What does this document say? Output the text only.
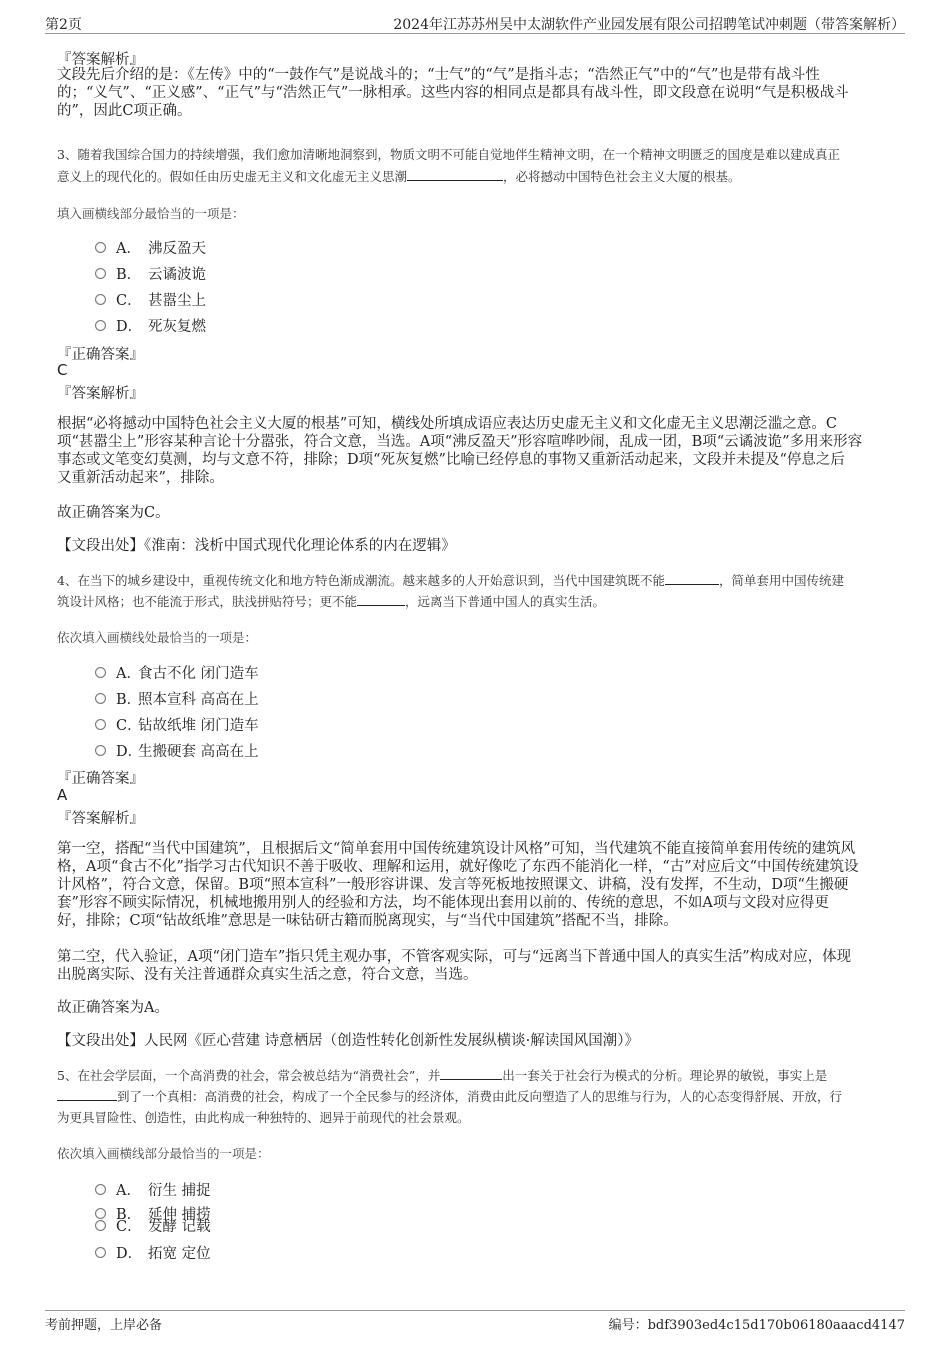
第2页	2024年江苏苏州吴中太湖软件产业园发展有限公司招聘笔试冲刺题（带答案解析）
『答案解析』
文段先后介绍的是：《左传》中的“一鼓作气”是说战斗的；“士气”的“气”是指斗志；“浩然正气”中的“气”也是带有战斗性
的；“义气”、“正义感”、“正气”与“浩然正气”一脉相承。这些内容的相同点是都具有战斗性，即文段意在说明“气是积极战斗
的”，因此C项正确。
3、随着我国综合国力的持续增强，我们愈加清晰地洞察到，物质文明不可能自觉地伴生精神文明，在一个精神文明匮乏的国度是难以建成真正
意义上的现代化的。假如任由历史虚无主义和文化虚无主义思潮	，必将撼动中国特色社会主义大厦的根基。
填入画横线部分最恰当的一项是：
A． 沸反盈天
B． 云谲波诡
C． 甚嚣尘上
D． 死灰复燃
『正确答案』
C
『答案解析』
根据“必将撼动中国特色社会主义大厦的根基”可知，横线处所填成语应表达历史虚无主义和文化虚无主义思潮泛滥之意。C
项“甚嚣尘上”形容某种言论十分嚣张，符合文意，当选。A项“沸反盈天”形容喧哗吵闹，乱成一团，B项“云谲波诡”多用来形容
事态或文笔变幻莫测，均与文意不符，排除；D项“死灰复燃”比喻已经停息的事物又重新活动起来，文段并未提及“停息之后
又重新活动起来”，排除。
故正确答案为C。
【文段出处】《淮南：浅析中国式现代化理论体系的内在逻辑》
4、在当下的城乡建设中，重视传统文化和地方特色渐成潮流。越来越多的人开始意识到，当代中国建筑既不能	，简单套用中国传统建
筑设计风格；也不能流于形式，肤浅拼贴符号；更不能	，远离当下普通中国人的真实生活。
依次填入画横线处最恰当的一项是：
A．
食古不化 闭门造车
B．
照本宣科 高高在上
C．
钻故纸堆 闭门造车
D．
生搬硬套 高高在上
『正确答案』
A
『答案解析』
第一空，搭配“当代中国建筑”，且根据后文“简单套用中国传统建筑设计风格”可知，当代建筑不能直接简单套用传统的建筑风
格，A项“食古不化”指学习古代知识不善于吸收、理解和运用，就好像吃了东西不能消化一样，“古”对应后文“中国传统建筑设
计风格”，符合文意，保留。B项“照本宣科”一般形容讲课、发言等死板地按照课文、讲稿，没有发挥，不生动，D项“生搬硬
套”形容不顾实际情况，机械地搬用别人的经验和方法，均不能体现出套用以前的、传统的意思，不如A项与文段对应得更
好，排除；C项“钻故纸堆”意思是一味钻研古籍而脱离现实，与“当代中国建筑”搭配不当，排除。
第二空，代入验证，A项“闭门造车”指只凭主观办事，不管客观实际，可与“远离当下普通中国人的真实生活”构成对应，体现
出脱离实际、没有关注普通群众真实生活之意，符合文意，当选。
故正确答案为A。
【文段出处】人民网《匠心营建 诗意栖居（创造性转化创新性发展纵横谈·解读国风国潮）》
5、在社会学层面，一个高消费的社会，常会被总结为“消费社会”，并	出一套关于社会行为模式的分析。理论界的敏锐，事实上是
到了一个真相：高消费的社会，构成了一个全民参与的经济体，消费由此反向塑造了人的思维与行为，人的心态变得舒展、开放，行
为更具冒险性、创造性，由此构成一种独特的、迥异于前现代的社会景观。
依次填入画横线部分最恰当的一项是：
A． 衍生 捕捉
B． 延伸 捕捞
C． 发酵 记载
D． 拓宽 定位
考前押题，上岸必备	编号：bdf3903ed4c15d170b06180aaacd4147
